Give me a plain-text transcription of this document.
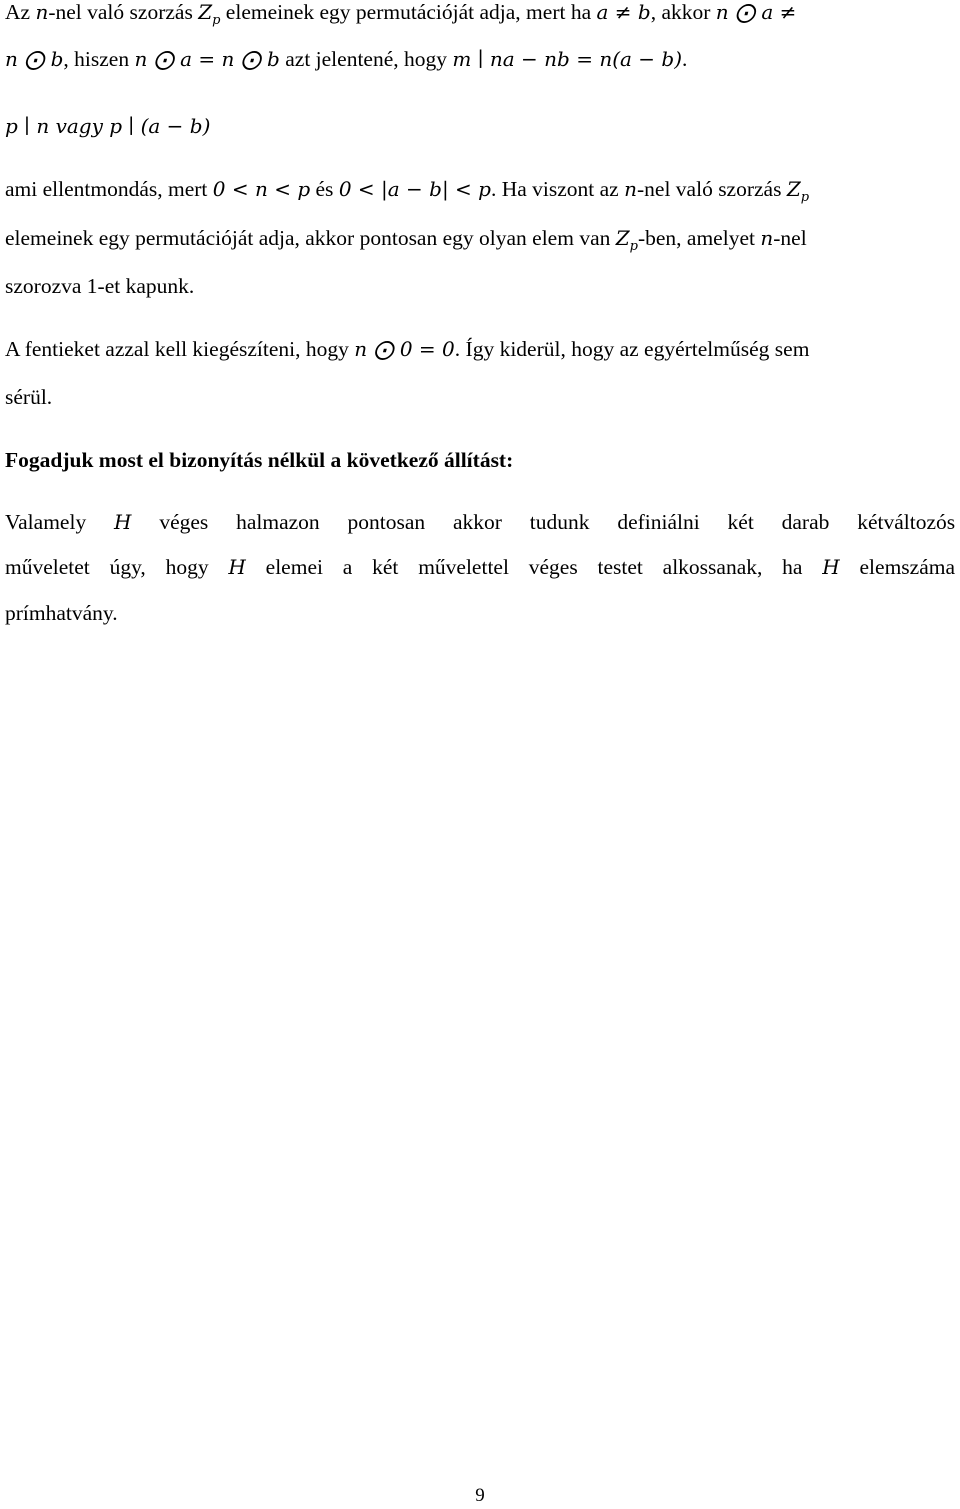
Az n-nel való szorzás $Z_p$ elemeinek egy permutációját adja, mert ha a ≠ b, akkor n ⨀ a ≠
n ⨀ b, hiszen n ⨀ a = n ⨀ b azt jelentené, hogy m ∣ na − nb = n(a − b).
p ∣ n vagy p ∣ (a − b)
ami ellentmondás, mert 0 < n < p és 0 < |a − b| < p. Ha viszont az n-nel való szorzás $Z_p$
elemeinek egy permutációját adja, akkor pontosan egy olyan elem van $Z_p$-ben, amelyet n-nel
szorozva 1-et kapunk.
A fentieket azzal kell kiegészíteni, hogy n ⨀ 0 = 0. Így kiderül, hogy az egyértelműség sem
sérül.
Fogadjuk most el bizonyítás nélkül a következő állítást:
Valamely H véges halmazon pontosan akkor tudunk definiálni két darab kétváltozós
műveletet úgy, hogy H elemei a két művelettel véges testet alkossanak, ha H elemszáma
prímhatvány.
9
